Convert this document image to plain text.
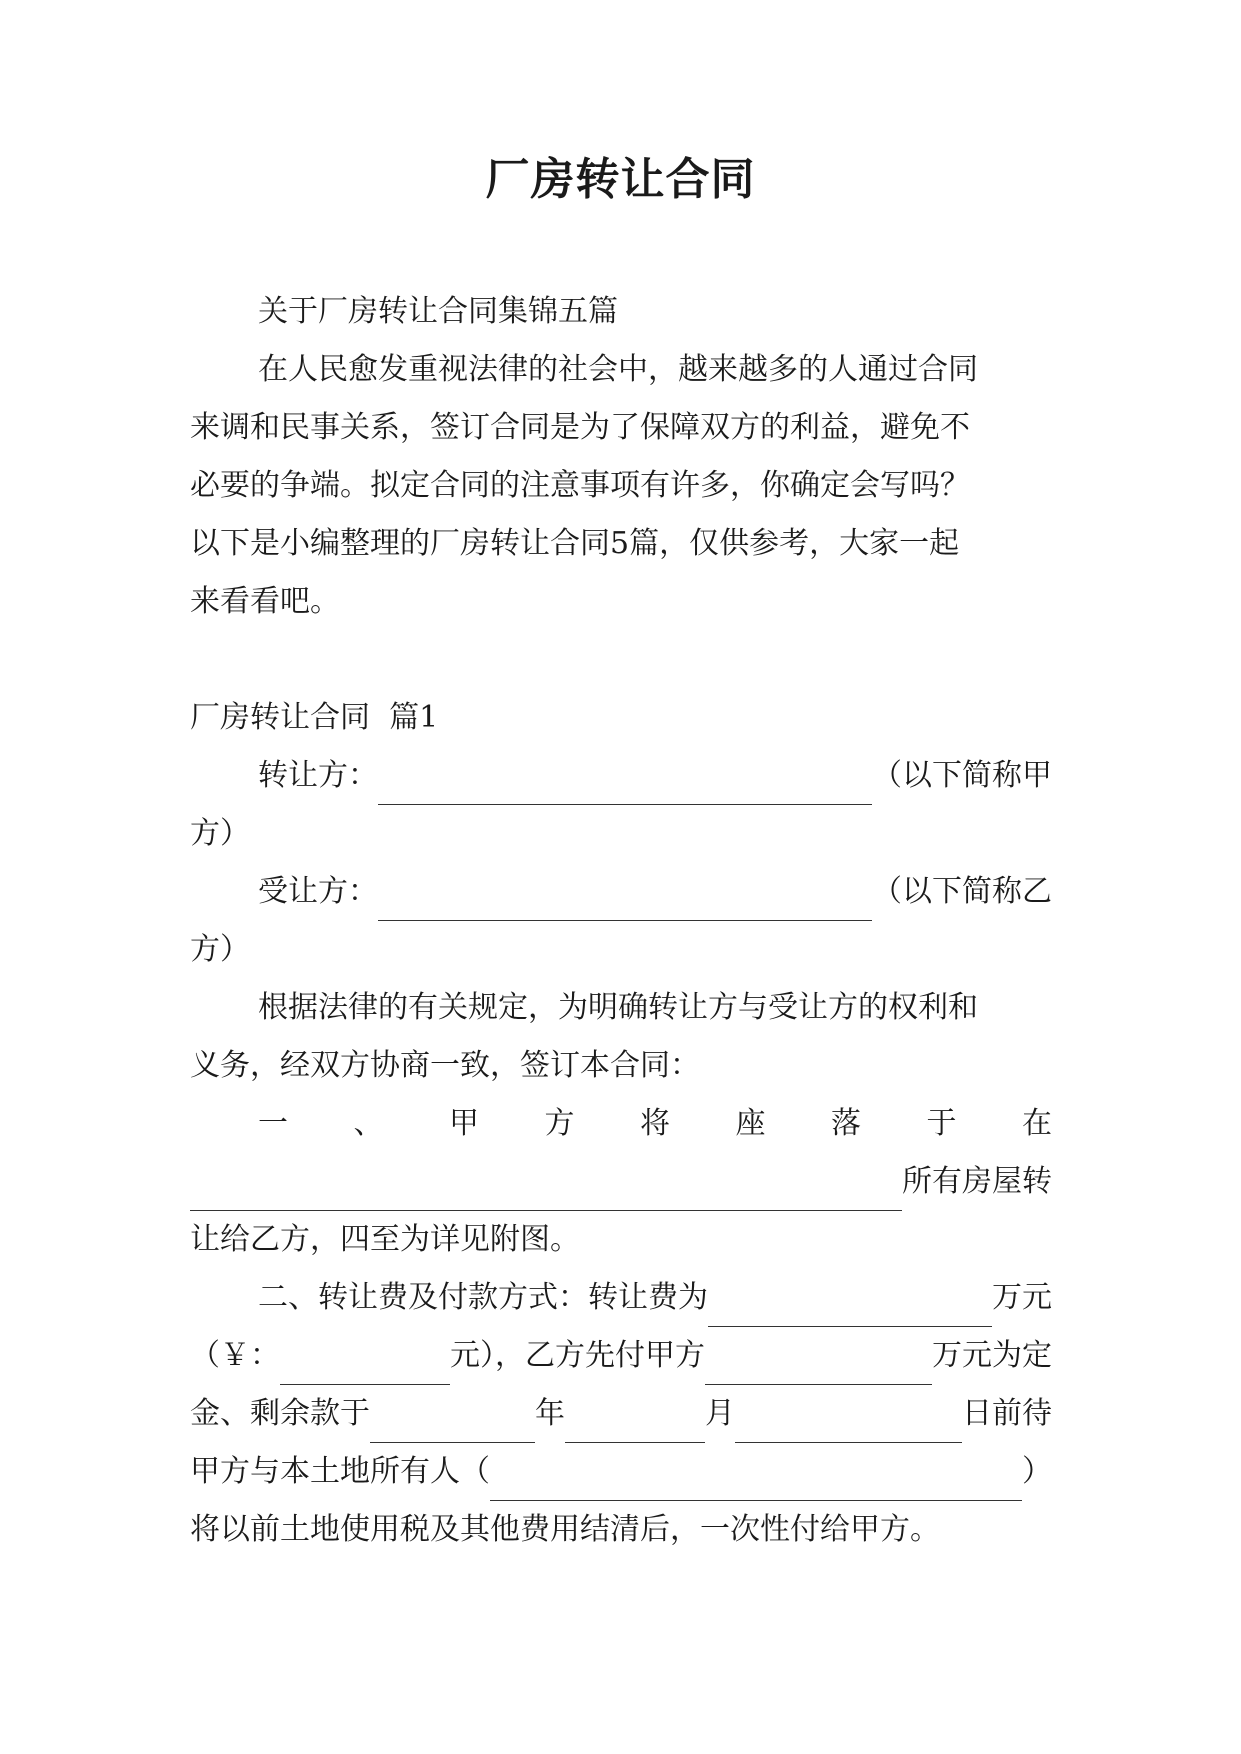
厂房转让合同
关于厂房转让合同集锦五篇
在人民愈发重视法律的社会中，越来越多的人通过合同
来调和民事关系，签订合同是为了保障双方的利益，避免不
必要的争端。拟定合同的注意事项有许多，你确定会写吗？
以下是小编整理的厂房转让合同5篇，仅供参考，大家一起
来看看吧。
厂房转让合同  篇1
转让方：	（以下简称甲
方）
受让方：	（以下简称乙
方）
根据法律的有关规定，为明确转让方与受让方的权利和
义务，经双方协商一致，签订本合同：
一 、 甲 方 将 座 落 于 在
所有房屋转
让给乙方，四至为详见附图。
二、转让费及付款方式：转让费为	万元
（￥：	元），乙方先付甲方	万元为定
金、剩余款于	年	月	日前待
甲方与本土地所有人（	）
将以前土地使用税及其他费用结清后，一次性付给甲方。
